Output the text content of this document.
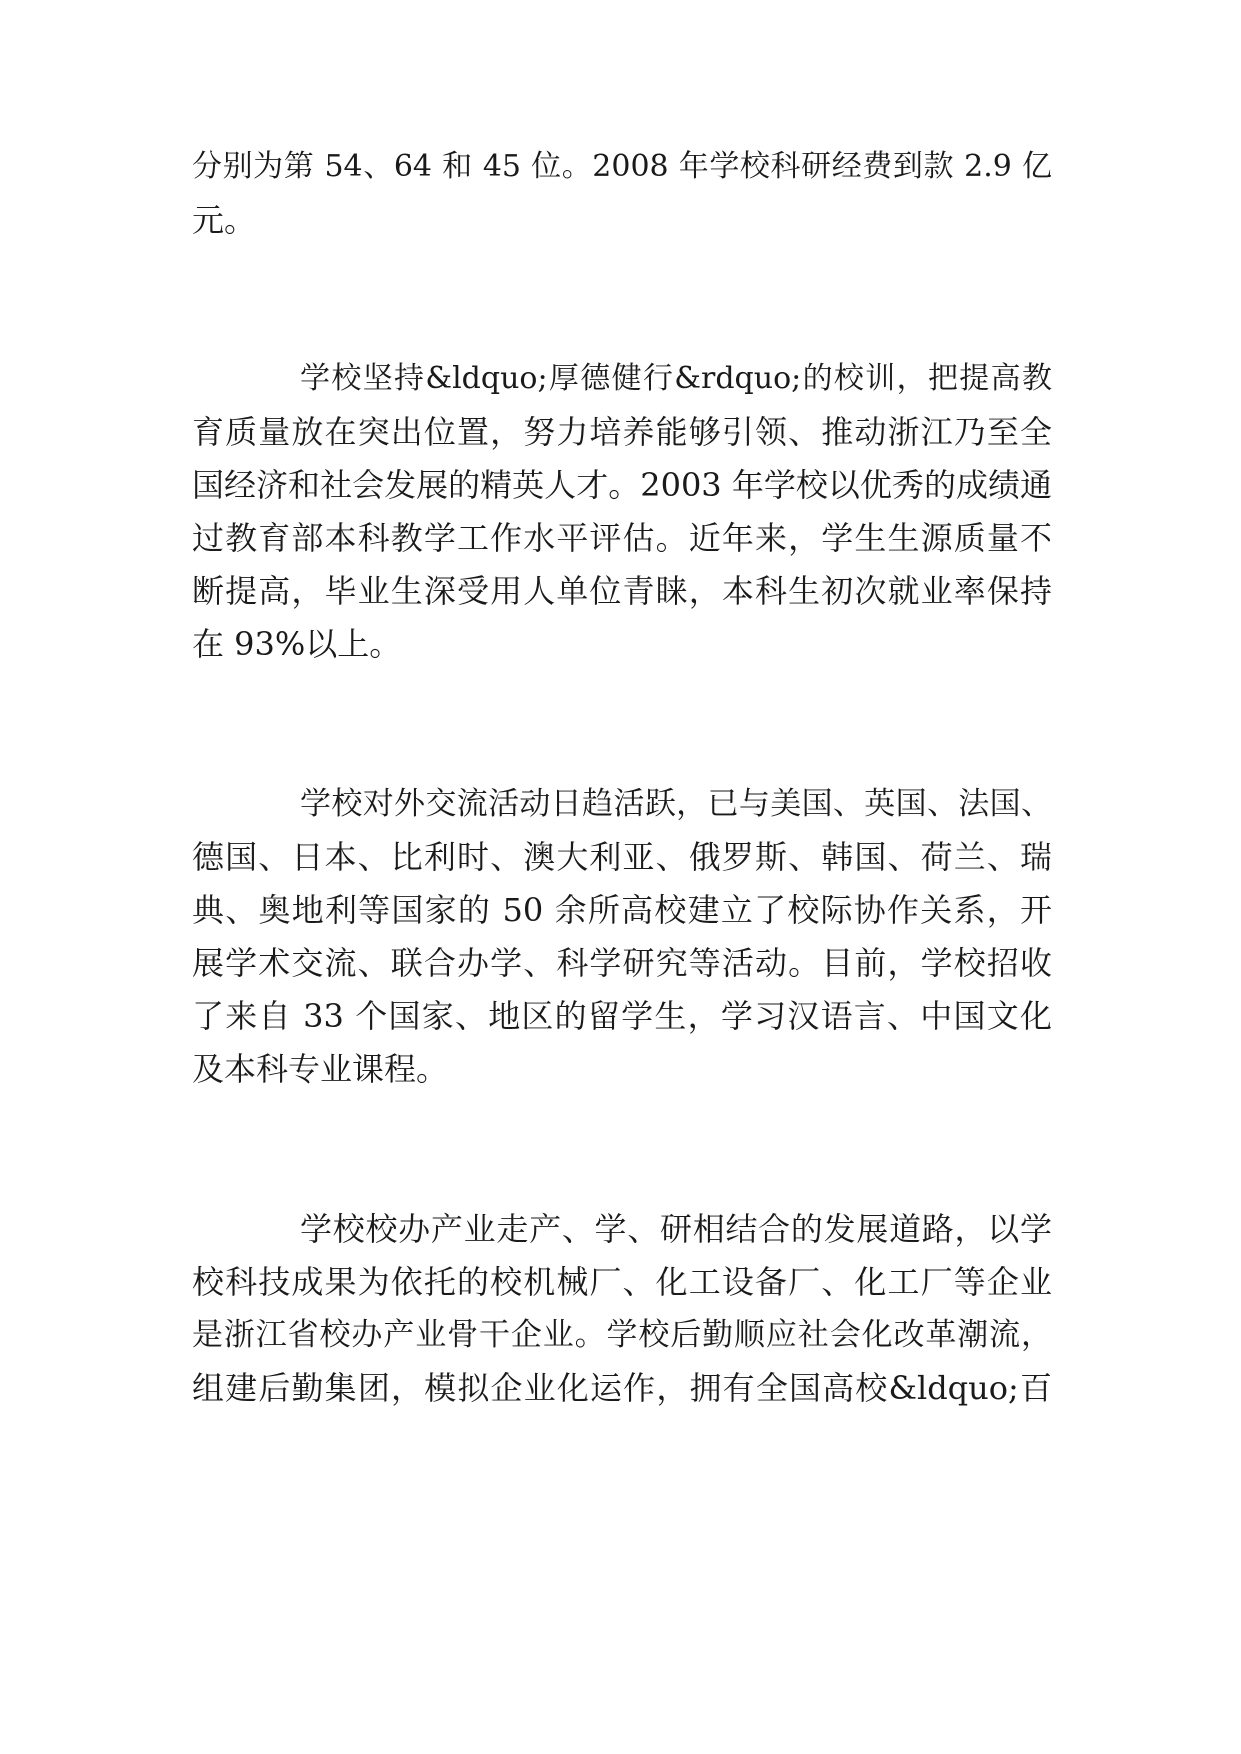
分别为第 54、64 和 45 位。2008 年学校科研经费到款 2.9 亿
元。
学校坚持&ldquo;厚德健行&rdquo;的校训，把提高教
育质量放在突出位置，努力培养能够引领、推动浙江乃至全
国经济和社会发展的精英人才。2003 年学校以优秀的成绩通
过教育部本科教学工作水平评估。近年来，学生生源质量不
断提高，毕业生深受用人单位青睐，本科生初次就业率保持
在 93%以上。
学校对外交流活动日趋活跃，已与美国、英国、法国、
德国、日本、比利时、澳大利亚、俄罗斯、韩国、荷兰、瑞
典、奥地利等国家的 50 余所高校建立了校际协作关系，开
展学术交流、联合办学、科学研究等活动。目前，学校招收
了来自 33 个国家、地区的留学生，学习汉语言、中国文化
及本科专业课程。
学校校办产业走产、学、研相结合的发展道路，以学
校科技成果为依托的校机械厂、化工设备厂、化工厂等企业
是浙江省校办产业骨干企业。学校后勤顺应社会化改革潮流，
组建后勤集团，模拟企业化运作，拥有全国高校&ldquo;百
